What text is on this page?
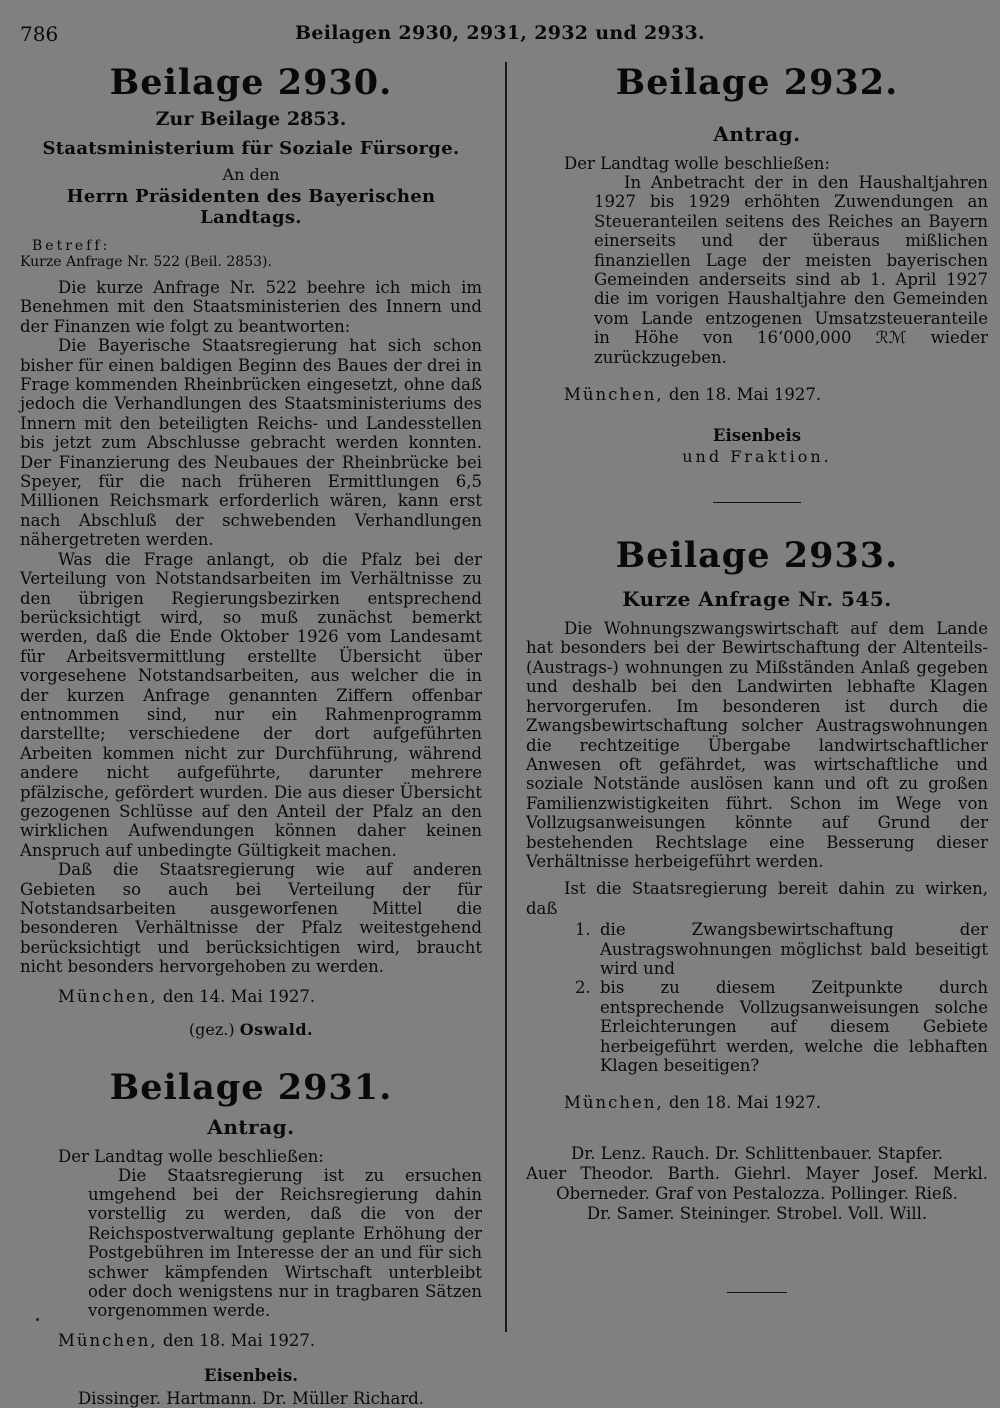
786	Beilagen 2930, 2931, 2932 und 2933.
Beilage 2930.
Zur Beilage 2853.
Staatsministerium für Soziale Fürsorge.
An den
Herrn Präsidenten des Bayerischen Landtags.
Betreff:
Kurze Anfrage Nr. 522 (Beil. 2853).

Die kurze Anfrage Nr. 522 beehre ich mich im Benehmen mit den Staatsministerien des Innern und der Finanzen wie folgt zu beantworten:

Die Bayerische Staatsregierung hat sich schon bisher für einen baldigen Beginn des Baues der drei in Frage kommenden Rheinbrücken eingesetzt, ohne daß jedoch die Verhandlungen des Staatsministeriums des Innern mit den beteiligten Reichs- und Landesstellen bis jetzt zum Abschlusse gebracht werden konnten. Der Finanzierung des Neubaues der Rheinbrücke bei Speyer, für die nach früheren Ermittlungen 6,5 Millionen Reichsmark erforderlich wären, kann erst nach Abschluß der schwebenden Verhandlungen nähergetreten werden.

Was die Frage anlangt, ob die Pfalz bei der Verteilung von Notstandsarbeiten im Verhältnisse zu den übrigen Regierungsbezirken entsprechend berücksichtigt wird, so muß zunächst bemerkt werden, daß die Ende Oktober 1926 vom Landesamt für Arbeitsvermittlung erstellte Übersicht über vorgesehene Notstandsarbeiten, aus welcher die in der kurzen Anfrage genannten Ziffern offenbar entnommen sind, nur ein Rahmenprogramm darstellte; verschiedene der dort aufgeführten Arbeiten kommen nicht zur Durchführung, während andere nicht aufgeführte, darunter mehrere pfälzische, gefördert wurden. Die aus dieser Übersicht gezogenen Schlüsse auf den Anteil der Pfalz an den wirklichen Aufwendungen können daher keinen Anspruch auf unbedingte Gültigkeit machen.

Daß die Staatsregierung wie auf anderen Gebieten so auch bei Verteilung der für Notstandsarbeiten ausgeworfenen Mittel die besonderen Verhältnisse der Pfalz weitestgehend berücksichtigt und berücksichtigen wird, braucht nicht besonders hervorgehoben zu werden.

München, den 14. Mai 1927.
(gez.) Oswald.
Beilage 2931.
Antrag.
Der Landtag wolle beschließen:

Die Staatsregierung ist zu ersuchen umgehend bei der Reichsregierung dahin vorstellig zu werden, daß die von der Reichspostverwaltung geplante Erhöhung der Postgebühren im Interesse der an und für sich schwer kämpfenden Wirtschaft unterbleibt oder doch wenigstens nur in tragbaren Sätzen vorgenommen werde.

München, den 18. Mai 1927.
Eisenbeis.
Dissinger. Hartmann. Dr. Müller Richard.
Beilage 2932.
Antrag.
Der Landtag wolle beschließen:

In Anbetracht der in den Haushaltjahren 1927 bis 1929 erhöhten Zuwendungen an Steueranteilen seitens des Reiches an Bayern einerseits und der überaus mißlichen finanziellen Lage der meisten bayerischen Gemeinden anderseits sind ab 1. April 1927 die im vorigen Haushaltjahre den Gemeinden vom Lande entzogenen Umsatzsteueranteile in Höhe von 16‘000,000 ℛℳ wieder zurückzugeben.

München, den 18. Mai 1927.
Eisenbeis
und Fraktion.
Beilage 2933.
Kurze Anfrage Nr. 545.

Die Wohnungszwangswirtschaft auf dem Lande hat besonders bei der Bewirtschaftung der Altenteils- (Austrags-) wohnungen zu Mißständen Anlaß gegeben und deshalb bei den Landwirten lebhafte Klagen hervorgerufen. Im besonderen ist durch die Zwangsbewirtschaftung solcher Austragswohnungen die rechtzeitige Übergabe landwirtschaftlicher Anwesen oft gefährdet, was wirtschaftliche und soziale Notstände auslösen kann und oft zu großen Familienzwistigkeiten führt. Schon im Wege von Vollzugsanweisungen könnte auf Grund der bestehenden Rechtslage eine Besserung dieser Verhältnisse herbeigeführt werden.

Ist die Staatsregierung bereit dahin zu wirken, daß

1. die Zwangsbewirtschaftung der Austragswohnungen möglichst bald beseitigt wird und
2. bis zu diesem Zeitpunkte durch entsprechende Vollzugsanweisungen solche Erleichterungen auf diesem Gebiete herbeigeführt werden, welche die lebhaften Klagen beseitigen?
München, den 18. Mai 1927.
Dr. Lenz. Rauch. Dr. Schlittenbauer. Stapfer.
Auer Theodor. Barth. Giehrl. Mayer Josef. Merkl.
Oberneder. Graf von Pestalozza. Pollinger. Rieß.
Dr. Samer. Steininger. Strobel. Voll. Will.
